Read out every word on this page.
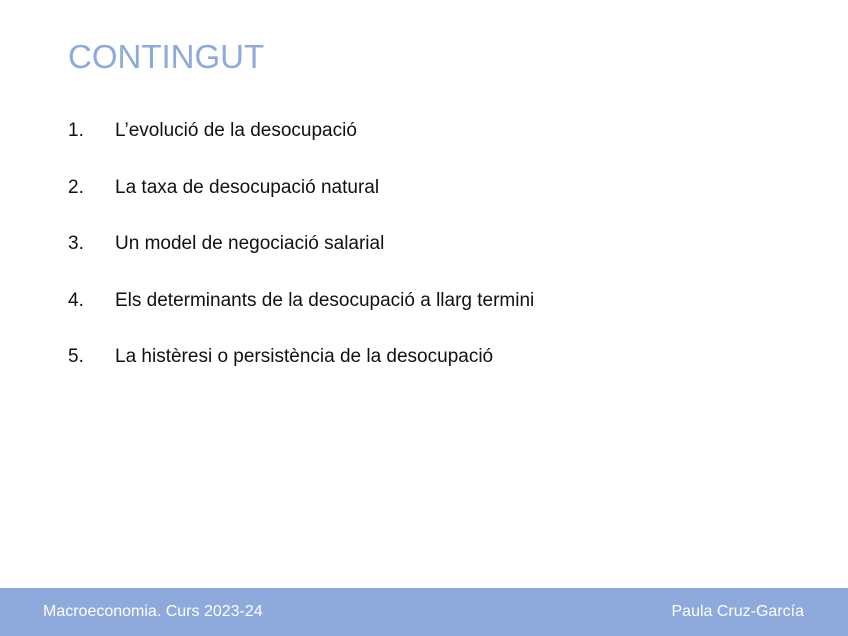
CONTINGUT
1.	L’evolució de la desocupació
2.	La taxa de desocupació natural
3.	Un model de negociació salarial
4.	Els determinants de la desocupació a llarg termini
5.	La histèresi o persistència de la desocupació
Macroeconomia. Curs 2023-24	Paula Cruz-García
